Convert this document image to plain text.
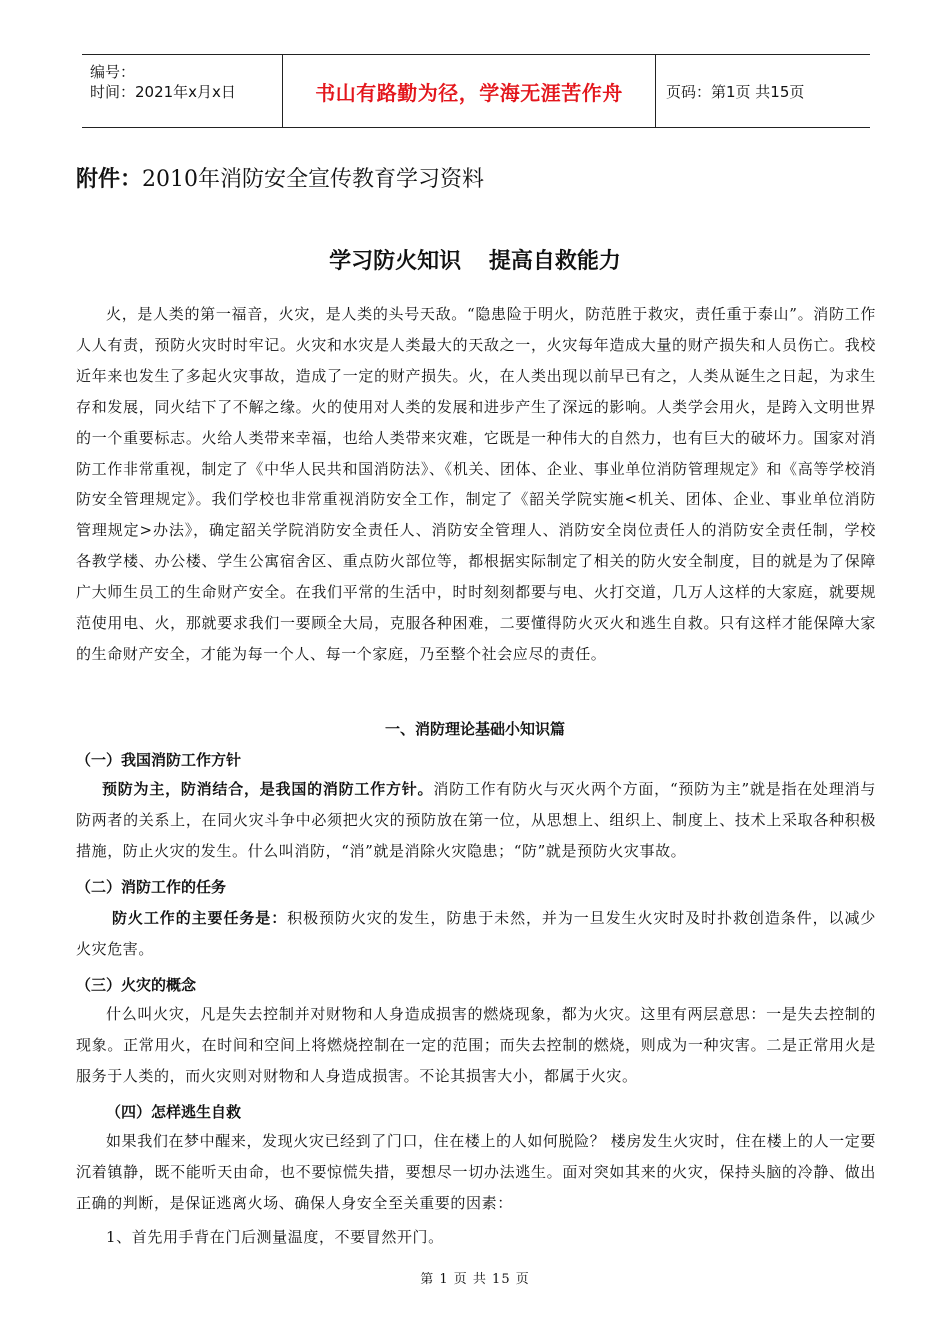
编号：
时间：2021年x月x日	书山有路勤为径，学海无涯苦作舟	页码：第1页 共15页
附件：2010年消防安全宣传教育学习资料
学习防火知识 提高自救能力
火，是人类的第一福音，火灾，是人类的头号天敌。“隐患险于明火，防范胜于救灾，责任重于泰山”。消防工作人人有责，预防火灾时时牢记。火灾和水灾是人类最大的天敌之一，火灾每年造成大量的财产损失和人员伤亡。我校近年来也发生了多起火灾事故，造成了一定的财产损失。火，在人类出现以前早已有之，人类从诞生之日起，为求生存和发展，同火结下了不解之缘。火的使用对人类的发展和进步产生了深远的影响。人类学会用火，是跨入文明世界的一个重要标志。火给人类带来幸福，也给人类带来灾难，它既是一种伟大的自然力，也有巨大的破坏力。国家对消防工作非常重视，制定了《中华人民共和国消防法》、《机关、团体、企业、事业单位消防管理规定》和《高等学校消防安全管理规定》。我们学校也非常重视消防安全工作，制定了《韶关学院实施<机关、团体、企业、事业单位消防管理规定>办法》，确定韶关学院消防安全责任人、消防安全管理人、消防安全岗位责任人的消防安全责任制，学校各教学楼、办公楼、学生公寓宿舍区、重点防火部位等，都根据实际制定了相关的防火安全制度，目的就是为了保障广大师生员工的生命财产安全。在我们平常的生活中，时时刻刻都要与电、火打交道，几万人这样的大家庭，就要规范使用电、火，那就要求我们一要顾全大局，克服各种困难，二要懂得防火灭火和逃生自救。只有这样才能保障大家的生命财产安全，才能为每一个人、每一个家庭，乃至整个社会应尽的责任。
一、消防理论基础小知识篇
（一）我国消防工作方针
预防为主，防消结合，是我国的消防工作方针。消防工作有防火与灭火两个方面，“预防为主”就是指在处理消与防两者的关系上，在同火灾斗争中必须把火灾的预防放在第一位，从思想上、组织上、制度上、技术上采取各种积极措施，防止火灾的发生。什么叫消防，“消”就是消除火灾隐患；“防”就是预防火灾事故。
（二）消防工作的任务
防火工作的主要任务是：积极预防火灾的发生，防患于未然，并为一旦发生火灾时及时扑救创造条件，以减少火灾危害。
（三）火灾的概念
什么叫火灾，凡是失去控制并对财物和人身造成损害的燃烧现象，都为火灾。这里有两层意思：一是失去控制的现象。正常用火，在时间和空间上将燃烧控制在一定的范围；而失去控制的燃烧，则成为一种灾害。二是正常用火是服务于人类的，而火灾则对财物和人身造成损害。不论其损害大小，都属于火灾。
（四）怎样逃生自救
如果我们在梦中醒来，发现火灾已经到了门口，住在楼上的人如何脱险？ 楼房发生火灾时，住在楼上的人一定要沉着镇静，既不能听天由命，也不要惊慌失措，要想尽一切办法逃生。面对突如其来的火灾，保持头脑的冷静、做出正确的判断，是保证逃离火场、确保人身安全至关重要的因素：
1、首先用手背在门后测量温度，不要冒然开门。
第 1 页 共 15 页
